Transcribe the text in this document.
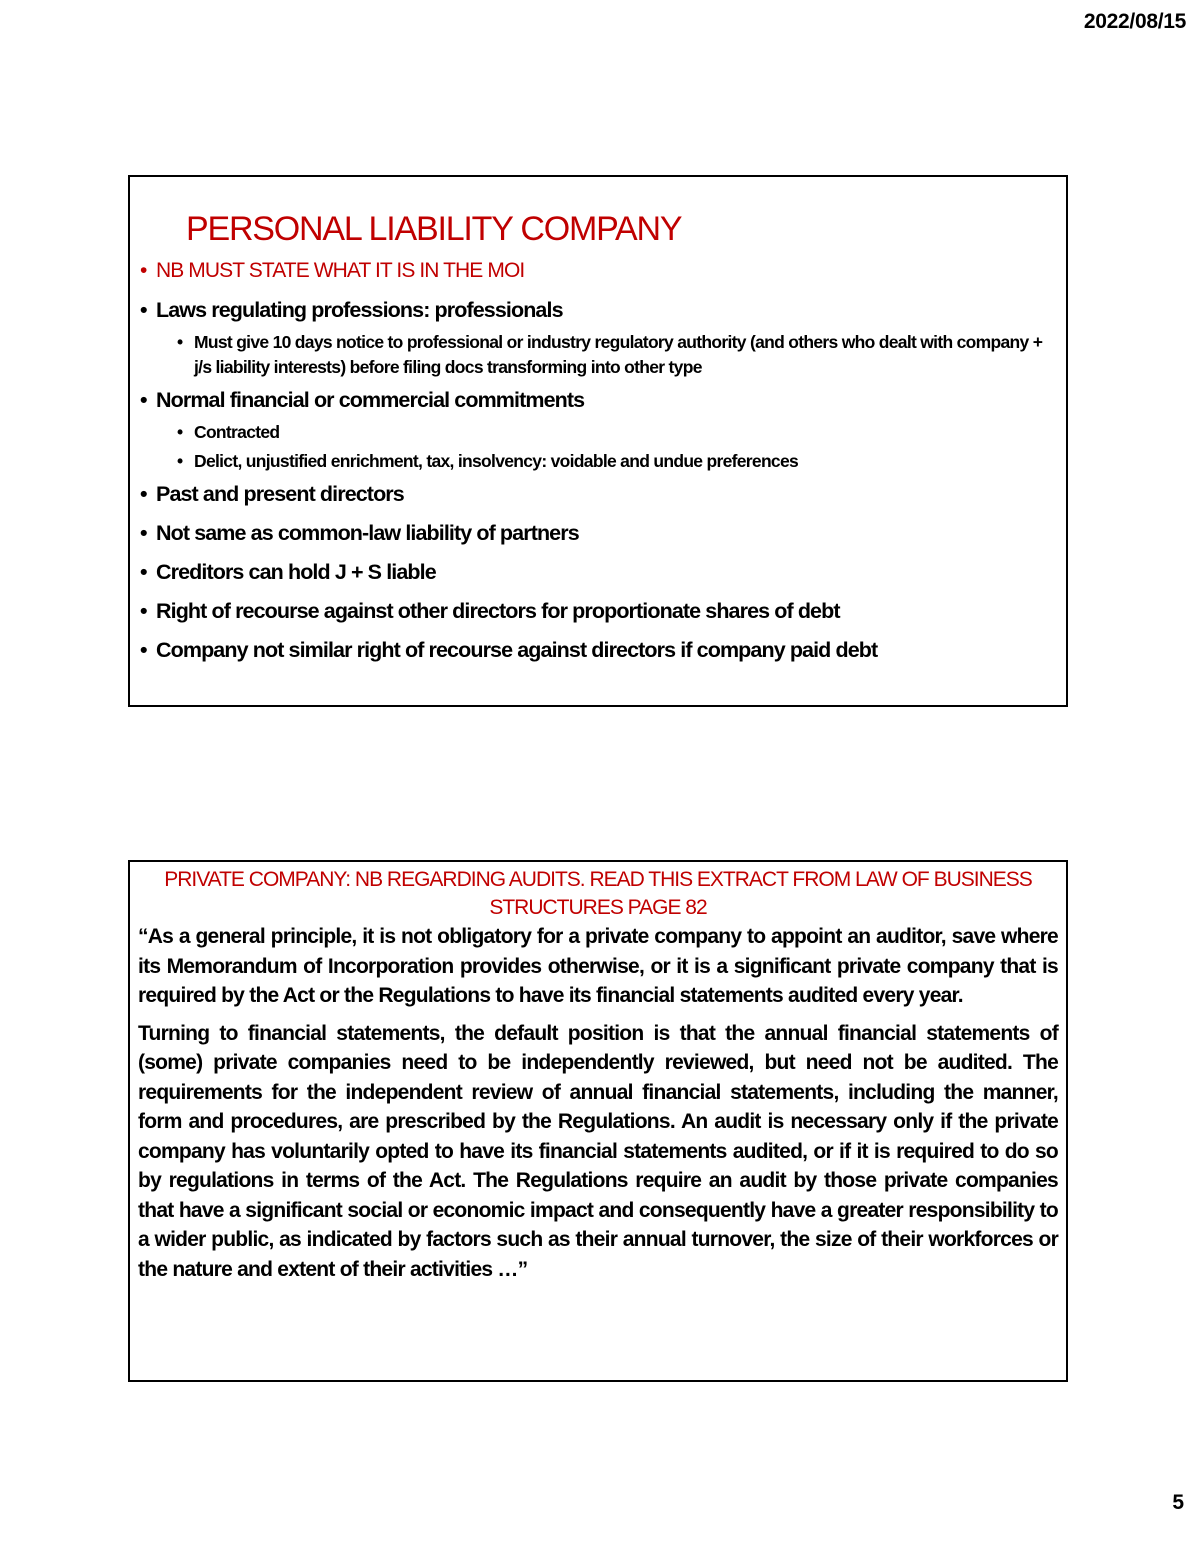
2022/08/15
PERSONAL LIABILITY COMPANY
• NB MUST STATE WHAT IT IS IN THE MOI
• Laws regulating professions: professionals
• Must give 10 days notice to professional or industry regulatory authority (and others who dealt with company + j/s liability interests) before filing docs transforming into other type
• Normal financial or commercial commitments
• Contracted
• Delict, unjustified enrichment, tax, insolvency: voidable and undue preferences
• Past and present directors
• Not same as common-law liability of partners
• Creditors can hold J + S liable
• Right of recourse against other directors for proportionate shares of debt
• Company not similar right of recourse against directors if company paid debt
PRIVATE COMPANY: NB REGARDING AUDITS. READ THIS EXTRACT FROM LAW OF BUSINESS STRUCTURES PAGE 82

“As a general principle, it is not obligatory for a private company to appoint an auditor, save where its Memorandum of Incorporation provides otherwise, or it is a significant private company that is required by the Act or the Regulations to have its financial statements audited every year.

Turning to financial statements, the default position is that the annual financial statements of (some) private companies need to be independently reviewed, but need not be audited. The requirements for the independent review of annual financial statements, including the manner, form and procedures, are prescribed by the Regulations. An audit is necessary only if the private company has voluntarily opted to have its financial statements audited, or if it is required to do so by regulations in terms of the Act. The Regulations require an audit by those private companies that have a significant social or economic impact and consequently have a greater responsibility to a wider public, as indicated by factors such as their annual turnover, the size of their workforces or the nature and extent of their activities …”

5
